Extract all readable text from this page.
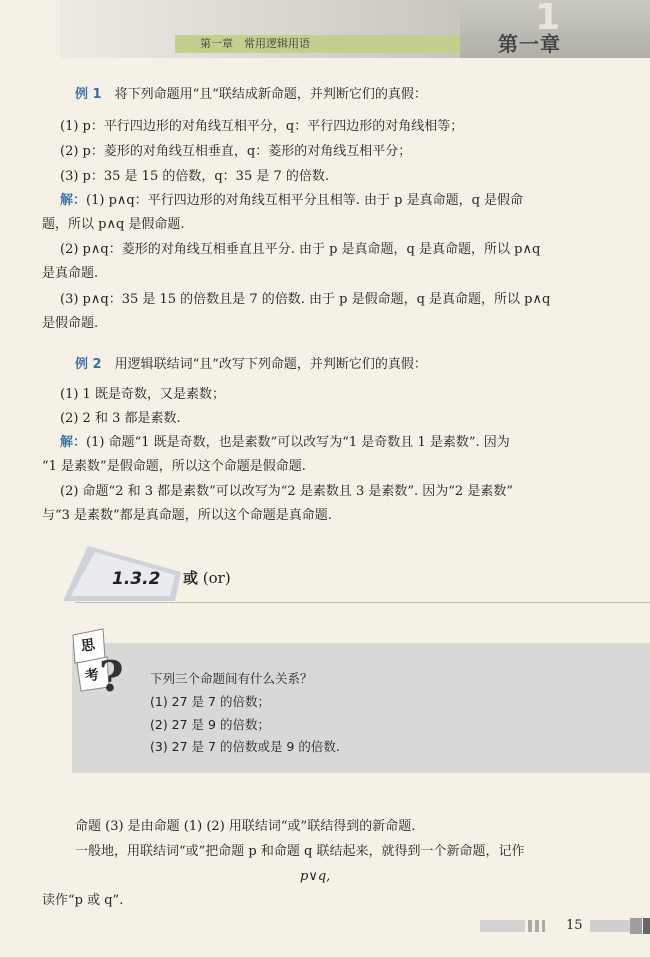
第一章　常用逻辑用语
1
第一章
例 1　 将下列命题用“且”联结成新命题，并判断它们的真假：
(1) p：平行四边形的对角线互相平分，q：平行四边形的对角线相等；
(2) p：菱形的对角线互相垂直，q：菱形的对角线互相平分；
(3) p：35 是 15 的倍数，q：35 是 7 的倍数.
解：(1) p∧q：平行四边形的对角线互相平分且相等. 由于 p 是真命题，q 是假命
题，所以 p∧q 是假命题.
(2) p∧q：菱形的对角线互相垂直且平分. 由于 p 是真命题，q 是真命题，所以 p∧q
是真命题.
(3) p∧q：35 是 15 的倍数且是 7 的倍数. 由于 p 是假命题，q 是真命题，所以 p∧q
是假命题.
例 2　 用逻辑联结词“且”改写下列命题，并判断它们的真假：
(1) 1 既是奇数，又是素数；
(2) 2 和 3 都是素数.
解：(1) 命题“1 既是奇数，也是素数”可以改写为“1 是奇数且 1 是素数”. 因为
“1 是素数”是假命题，所以这个命题是假命题.
(2) 命题“2 和 3 都是素数”可以改写为“2 是素数且 3 是素数”. 因为“2 是素数”
与“3 是素数”都是真命题，所以这个命题是真命题.
1.3.2 或 (or)
?
思
考	下列三个命题间有什么关系？
(1) 27 是 7 的倍数；
(2) 27 是 9 的倍数；
(3) 27 是 7 的倍数或是 9 的倍数.
命题 (3) 是由命题 (1) (2) 用联结词“或”联结得到的新命题.
一般地，用联结词“或”把命题 p 和命题 q 联结起来，就得到一个新命题，记作
p∨q,
读作“p 或 q”.
15
